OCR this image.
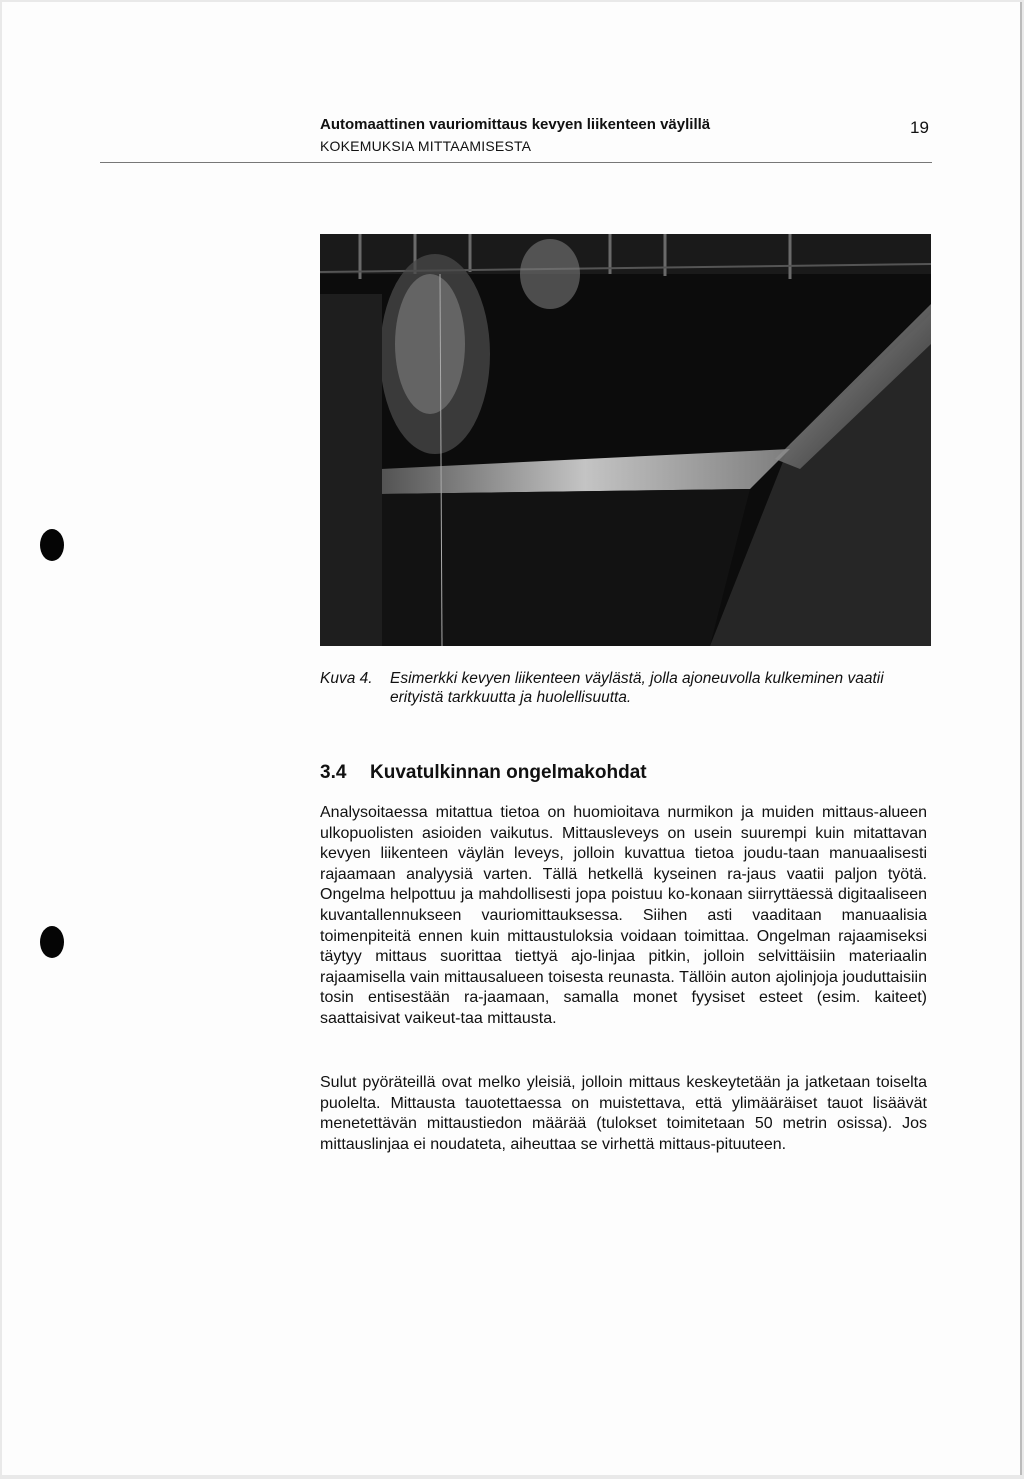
Automaattinen vauriomittaus kevyen liikenteen väylillä
KOKEMUKSIA MITTAAMISESTA
19
Kuva 4. Esimerkki kevyen liikenteen väylästä, jolla ajoneuvolla kulkeminen vaatii erityistä tarkkuutta ja huolellisuutta.
3.4 Kuvatulkinnan ongelmakohdat

Analysoitaessa mitattua tietoa on huomioitava nurmikon ja muiden mittaus-alueen ulkopuolisten asioiden vaikutus. Mittausleveys on usein suurempi kuin mitattavan kevyen liikenteen väylän leveys, jolloin kuvattua tietoa joudu-taan manuaalisesti rajaamaan analyysiä varten. Tällä hetkellä kyseinen ra-jaus vaatii paljon työtä. Ongelma helpottuu ja mahdollisesti jopa poistuu ko-konaan siirryttäessä digitaaliseen kuvantallennukseen vauriomittauksessa. Siihen asti vaaditaan manuaalisia toimenpiteitä ennen kuin mittaustuloksia voidaan toimittaa. Ongelman rajaamiseksi täytyy mittaus suorittaa tiettyä ajo-linjaa pitkin, jolloin selvittäisiin materiaalin rajaamisella vain mittausalueen toisesta reunasta. Tällöin auton ajolinjoja jouduttaisiin tosin entisestään ra-jaamaan, samalla monet fyysiset esteet (esim. kaiteet) saattaisivat vaikeut-taa mittausta.

Sulut pyöräteillä ovat melko yleisiä, jolloin mittaus keskeytetään ja jatketaan toiselta puolelta. Mittausta tauotettaessa on muistettava, että ylimääräiset tauot lisäävät menetettävän mittaustiedon määrää (tulokset toimitetaan 50 metrin osissa). Jos mittauslinjaa ei noudateta, aiheuttaa se virhettä mittaus-pituuteen.
